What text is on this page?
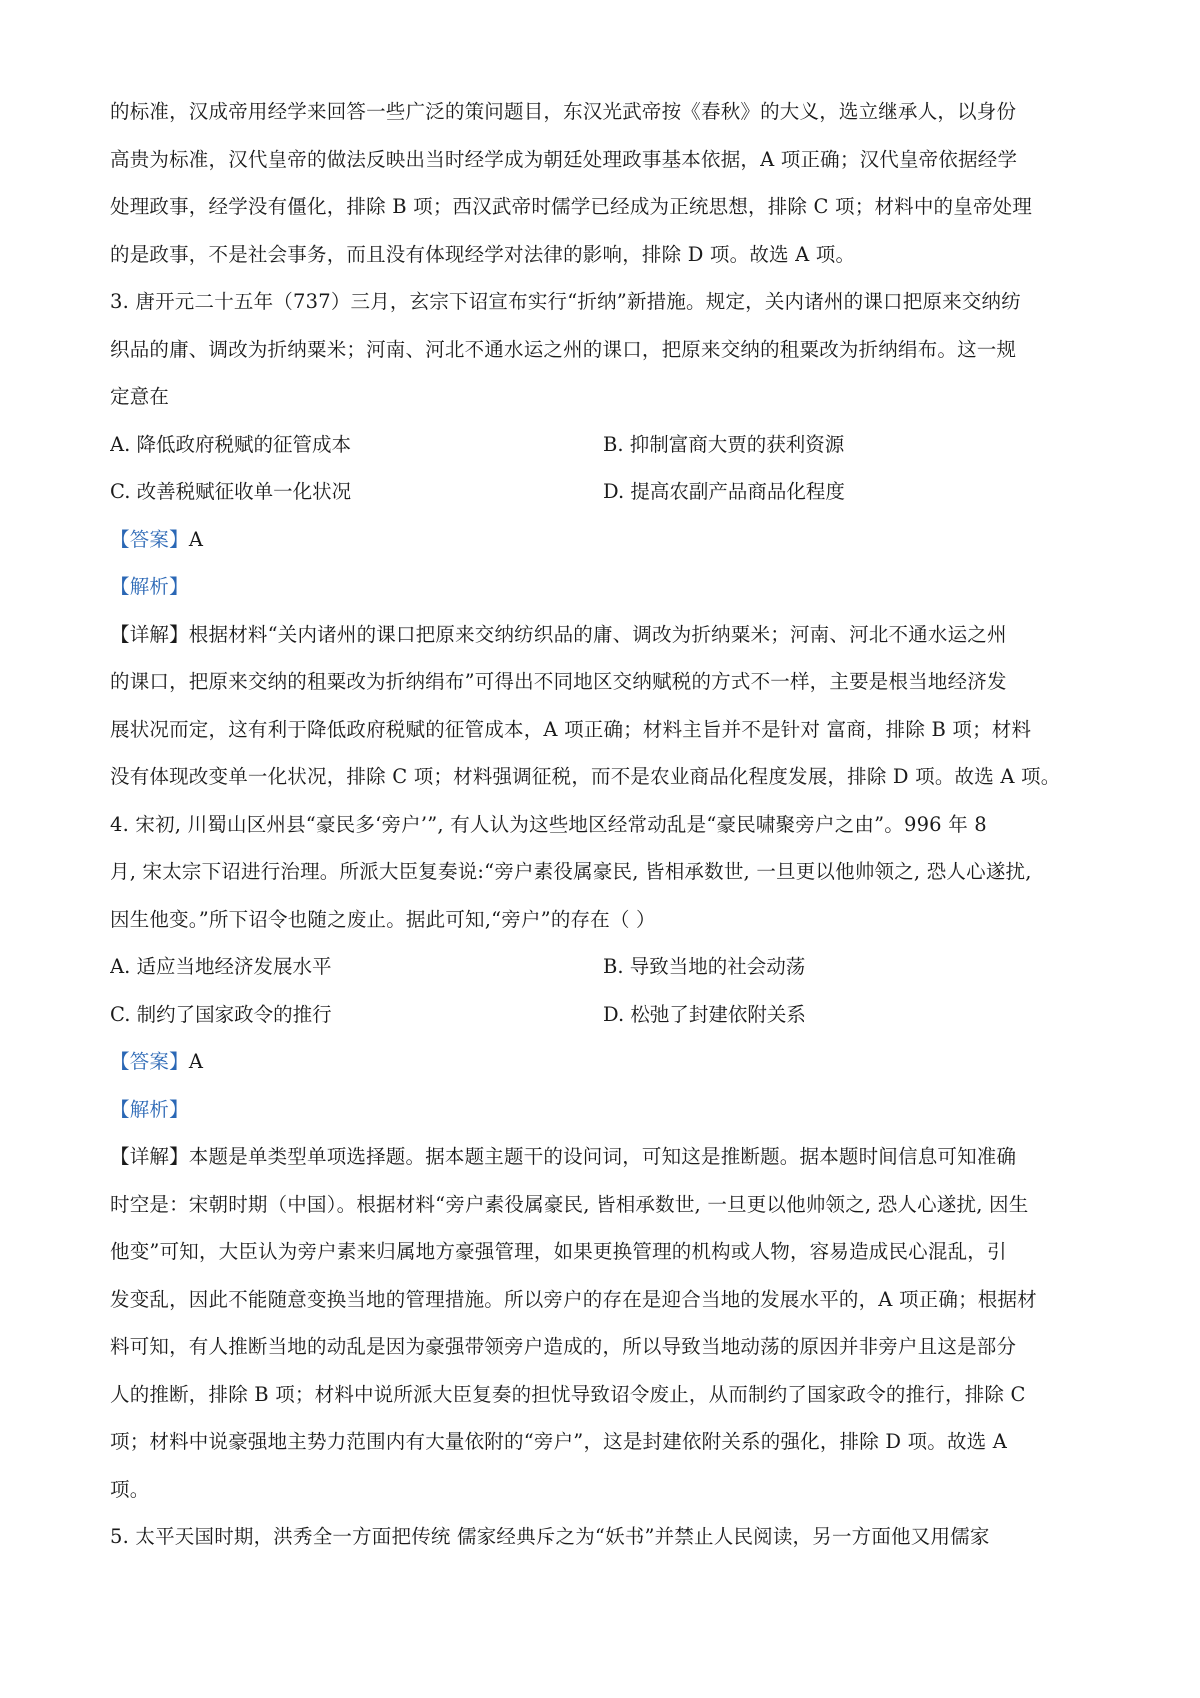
的标准，汉成帝用经学来回答一些广泛的策问题目，东汉光武帝按《春秋》的大义，选立继承人，以身份
高贵为标准，汉代皇帝的做法反映出当时经学成为朝廷处理政事基本依据，A 项正确；汉代皇帝依据经学
处理政事，经学没有僵化，排除 B 项；西汉武帝时儒学已经成为正统思想，排除 C 项；材料中的皇帝处理
的是政事，不是社会事务，而且没有体现经学对法律的影响，排除 D 项。故选 A 项。
3. 唐开元二十五年（737）三月，玄宗下诏宣布实行“折纳”新措施。规定，关内诸州的课口把原来交纳纺
织品的庸、调改为折纳粟米；河南、河北不通水运之州的课口，把原来交纳的租粟改为折纳绢布。这一规
定意在
A. 降低政府税赋的征管成本	B. 抑制富商大贾的获利资源
C. 改善税赋征收单一化状况	D. 提高农副产品商品化程度
【答案】A
【解析】
【详解】根据材料“关内诸州的课口把原来交纳纺织品的庸、调改为折纳粟米；河南、河北不通水运之州
的课口，把原来交纳的租粟改为折纳绢布”可得出不同地区交纳赋税的方式不一样，主要是根当地经济发
展状况而定，这有利于降低政府税赋的征管成本，A 项正确；材料主旨并不是针对 富商，排除 B 项；材料
没有体现改变单一化状况，排除 C 项；材料强调征税，而不是农业商品化程度发展，排除 D 项。故选 A 项。
4. 宋初, 川蜀山区州县“豪民多‘旁户’”, 有人认为这些地区经常动乱是“豪民啸聚旁户之由”。996 年 8
月, 宋太宗下诏进行治理。所派大臣复奏说:“旁户素役属豪民, 皆相承数世, 一旦更以他帅领之, 恐人心遂扰,
因生他变。”所下诏令也随之废止。据此可知,“旁户”的存在（ ）
A. 适应当地经济发展水平	B. 导致当地的社会动荡
C. 制约了国家政令的推行	D. 松弛了封建依附关系
【答案】A
【解析】
【详解】本题是单类型单项选择题。据本题主题干的设问词，可知这是推断题。据本题时间信息可知准确
时空是：宋朝时期（中国）。根据材料“旁户素役属豪民, 皆相承数世, 一旦更以他帅领之, 恐人心遂扰, 因生
他变”可知，大臣认为旁户素来归属地方豪强管理，如果更换管理的机构或人物，容易造成民心混乱，引
发变乱，因此不能随意变换当地的管理措施。所以旁户的存在是迎合当地的发展水平的，A 项正确；根据材
料可知，有人推断当地的动乱是因为豪强带领旁户造成的，所以导致当地动荡的原因并非旁户且这是部分
人的推断，排除 B 项；材料中说所派大臣复奏的担忧导致诏令废止，从而制约了国家政令的推行，排除 C
项；材料中说豪强地主势力范围内有大量依附的“旁户”，这是封建依附关系的强化，排除 D 项。故选 A
项。
5. 太平天国时期，洪秀全一方面把传统 儒家经典斥之为“妖书”并禁止人民阅读，另一方面他又用儒家
